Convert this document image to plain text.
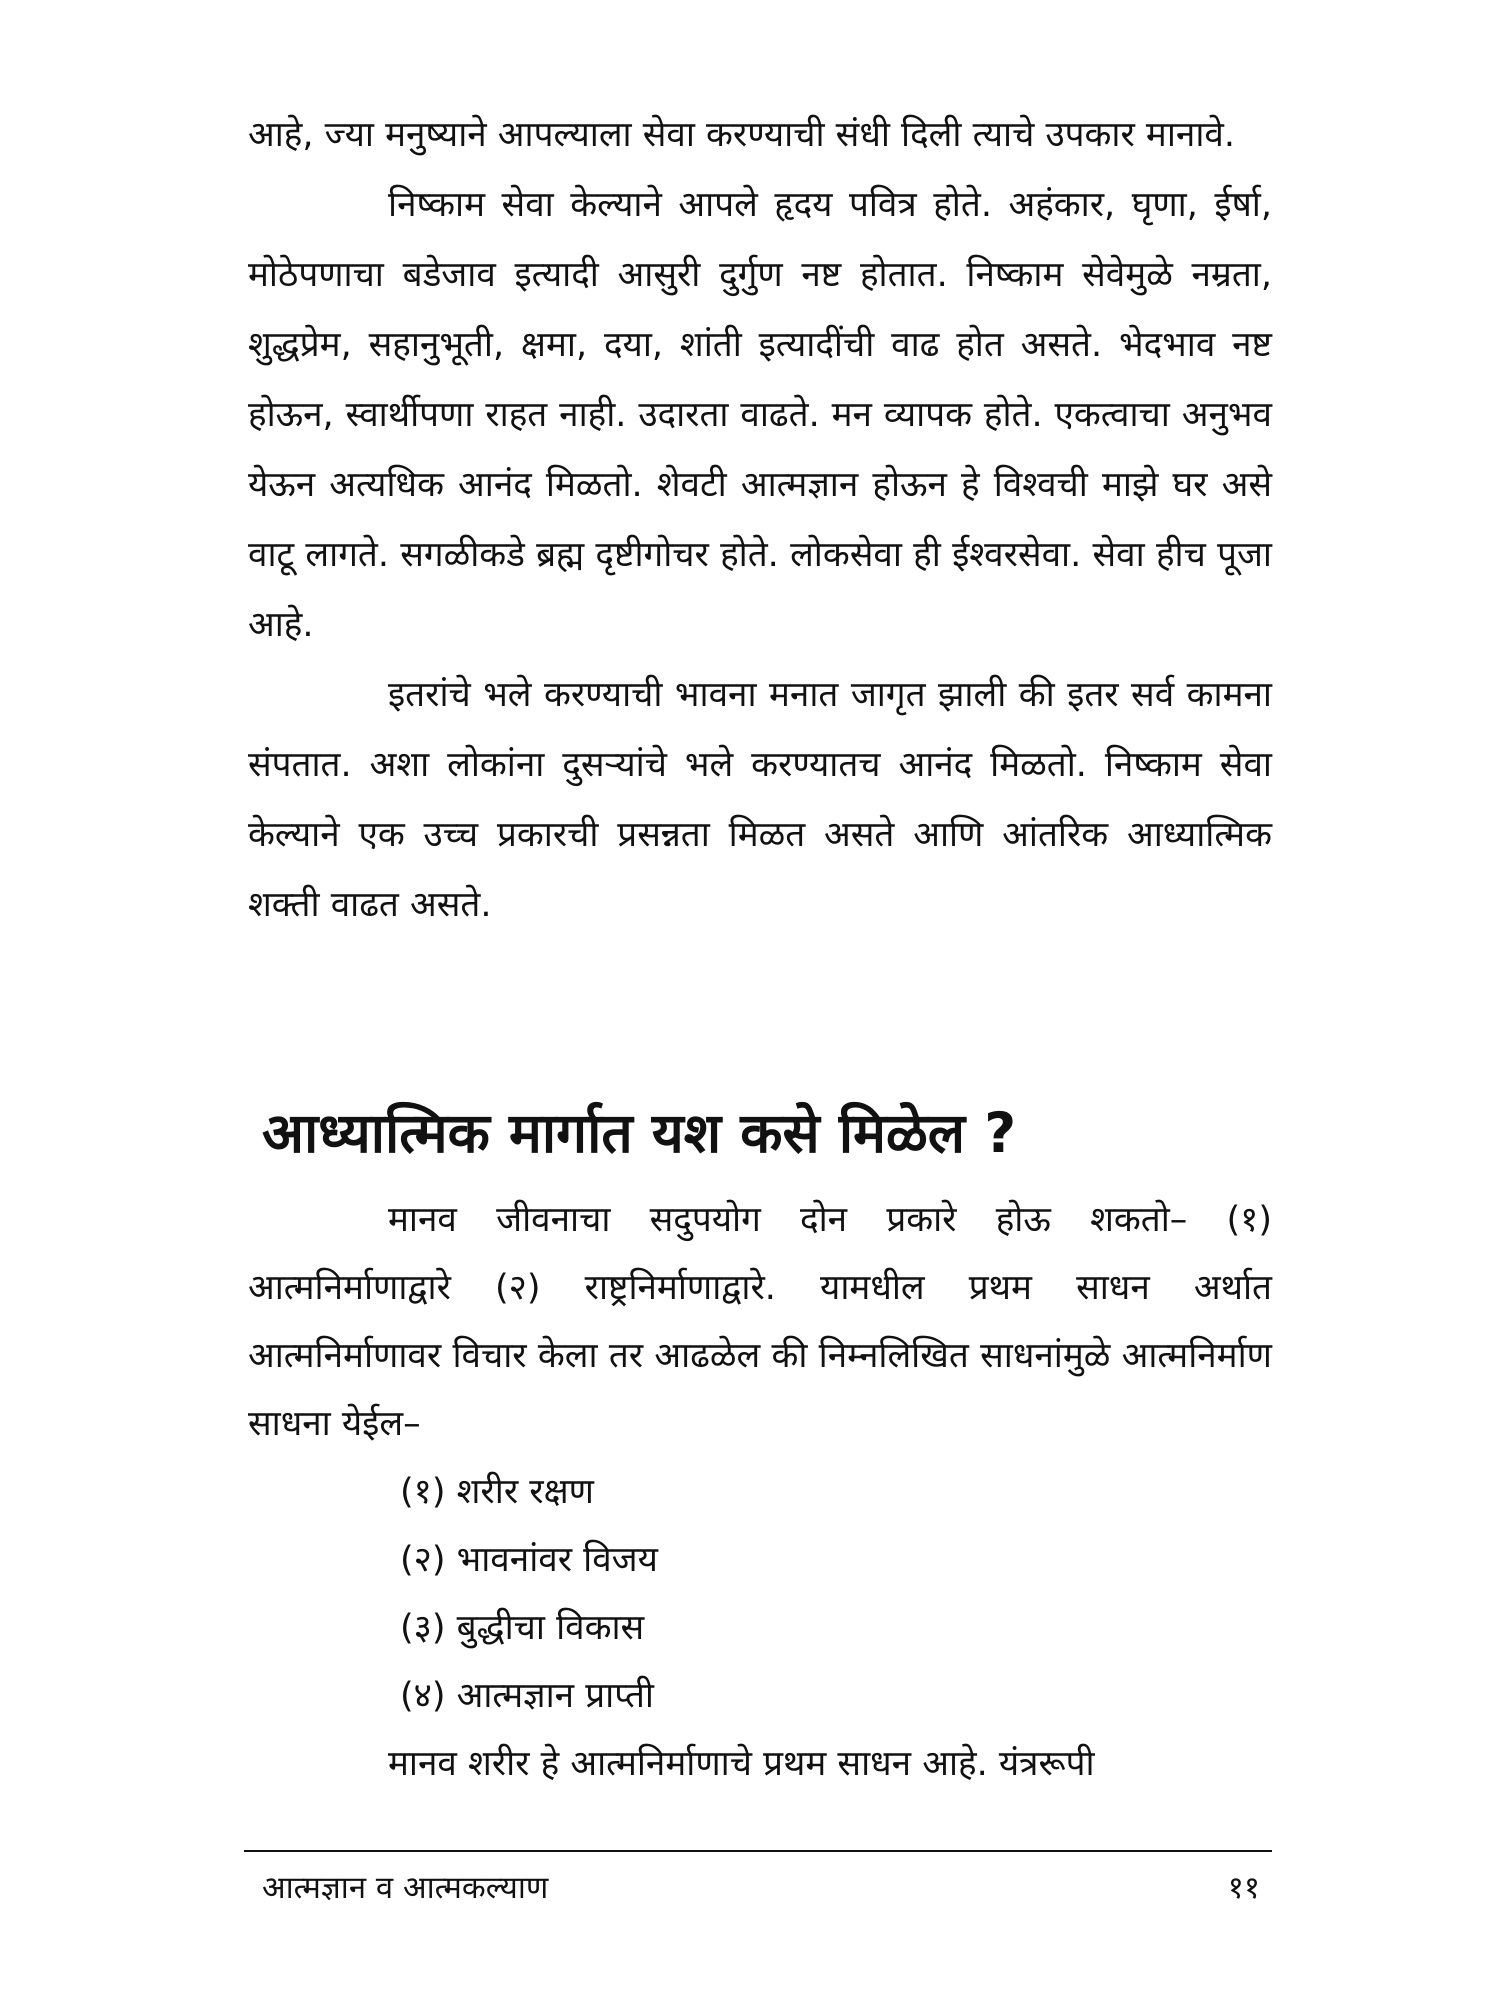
आहे, ज्या मनुष्याने आपल्याला सेवा करण्याची संधी दिली त्याचे उपकार मानावे.

निष्काम सेवा केल्याने आपले हृदय पवित्र होते. अहंकार, घृणा, ईर्षा, मोठेपणाचा बडेजाव इत्यादी आसुरी दुर्गुण नष्ट होतात. निष्काम सेवेमुळे नम्रता, शुद्धप्रेम, सहानुभूती, क्षमा, दया, शांती इत्यादींची वाढ होत असते. भेदभाव नष्ट होऊन, स्वार्थीपणा राहत नाही. उदारता वाढते. मन व्यापक होते. एकत्वाचा अनुभव येऊन अत्यधिक आनंद मिळतो. शेवटी आत्मज्ञान होऊन हे विश्वची माझे घर असे वाटू लागते. सगळीकडे ब्रह्म दृष्टीगोचर होते. लोकसेवा ही ईश्वरसेवा. सेवा हीच पूजा आहे.

इतरांचे भले करण्याची भावना मनात जागृत झाली की इतर सर्व कामना संपतात. अशा लोकांना दुसऱ्यांचे भले करण्यातच आनंद मिळतो. निष्काम सेवा केल्याने एक उच्च प्रकारची प्रसन्नता मिळत असते आणि आंतरिक आध्यात्मिक शक्ती वाढत असते.

आध्यात्मिक मार्गात यश कसे मिळेल ?

मानव जीवनाचा सदुपयोग दोन प्रकारे होऊ शकतो– (१) आत्मनिर्माणाद्वारे (२) राष्ट्रनिर्माणाद्वारे. यामधील प्रथम साधन अर्थात आत्मनिर्माणावर विचार केला तर आढळेल की निम्नलिखित साधनांमुळे आत्मनिर्माण साधना येईल–

(१) शरीर रक्षण
(२) भावनांवर विजय
(३) बुद्धीचा विकास
(४) आत्मज्ञान प्राप्ती

मानव शरीर हे आत्मनिर्माणाचे प्रथम साधन आहे. यंत्ररूपी

आत्मज्ञान व आत्मकल्याण	११
